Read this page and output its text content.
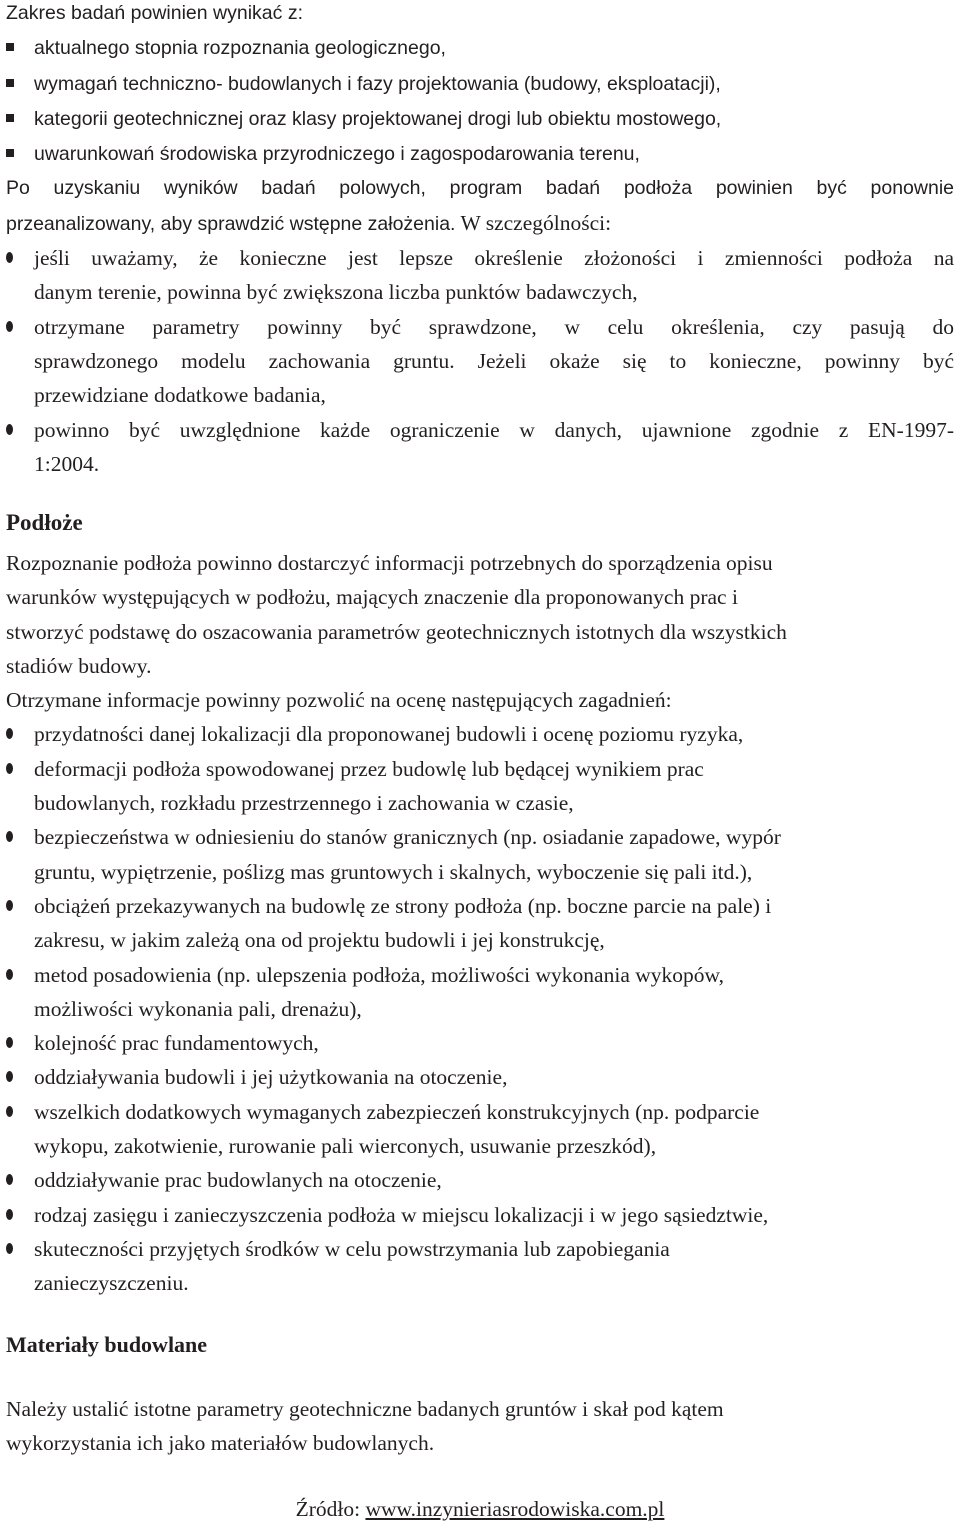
Zakres badań powinien wynikać z:

aktualnego stopnia rozpoznania geologicznego,
wymagań techniczno- budowlanych i fazy projektowania (budowy, eksploatacji),
kategorii geotechnicznej oraz klasy projektowanej drogi lub obiektu mostowego,
uwarunkowań środowiska przyrodniczego i zagospodarowania terenu,

Po uzyskaniu wyników badań polowych, program badań podłoża powinien być ponownie
przeanalizowany, aby sprawdzić wstępne założenia. W szczególności:

jeśli uważamy, że konieczne jest lepsze określenie złożoności i zmienności podłoża na
danym terenie, powinna być zwiększona liczba punktów badawczych,
otrzymane parametry powinny być sprawdzone, w celu określenia, czy pasują do
sprawdzonego modelu zachowania gruntu. Jeżeli okaże się to konieczne, powinny być
przewidziane dodatkowe badania,
powinno być uwzględnione każde ograniczenie w danych, ujawnione zgodnie z EN-1997-
1:2004.
Podłoże

Rozpoznanie podłoża powinno dostarczyć informacji potrzebnych do sporządzenia opisu
warunków występujących w podłożu, mających znaczenie dla proponowanych prac i
stworzyć podstawę do oszacowania parametrów geotechnicznych istotnych dla wszystkich
stadiów budowy.

Otrzymane informacje powinny pozwolić na ocenę następujących zagadnień:

przydatności danej lokalizacji dla proponowanej budowli i ocenę poziomu ryzyka,
deformacji podłoża spowodowanej przez budowlę lub będącej wynikiem prac
budowlanych, rozkładu przestrzennego i zachowania w czasie,
bezpieczeństwa w odniesieniu do stanów granicznych (np. osiadanie zapadowe, wypór
gruntu, wypiętrzenie, poślizg mas gruntowych i skalnych, wyboczenie się pali itd.),
obciążeń przekazywanych na budowlę ze strony podłoża (np. boczne parcie na pale) i
zakresu, w jakim zależą ona od projektu budowli i jej konstrukcję,
metod posadowienia (np. ulepszenia podłoża, możliwości wykonania wykopów,
możliwości wykonania pali, drenażu),
kolejność prac fundamentowych,
oddziaływania budowli i jej użytkowania na otoczenie,
wszelkich dodatkowych wymaganych zabezpieczeń konstrukcyjnych (np. podparcie
wykopu, zakotwienie, rurowanie pali wierconych, usuwanie przeszkód),
oddziaływanie prac budowlanych na otoczenie,
rodzaj zasięgu i zanieczyszczenia podłoża w miejscu lokalizacji i w jego sąsiedztwie,
skuteczności przyjętych środków w celu powstrzymania lub zapobiegania
zanieczyszczeniu.
Materiały budowlane

Należy ustalić istotne parametry geotechniczne badanych gruntów i skał pod kątem
wykorzystania ich jako materiałów budowlanych.

Źródło: www.inzynieriasrodowiska.com.pl
